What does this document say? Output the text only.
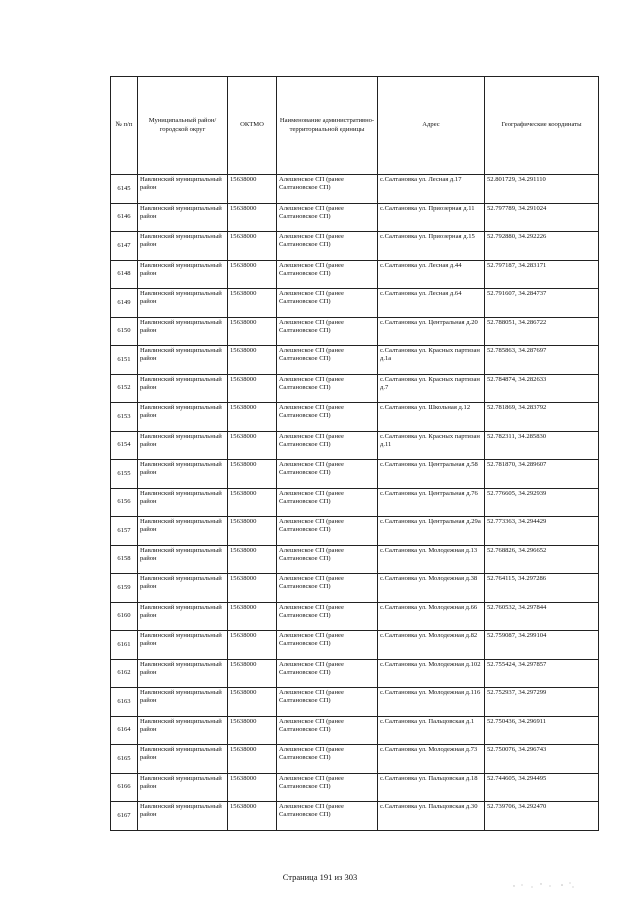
№ п/п	Муниципальный район/городской округ	ОКТМО	Наименование административно-территориальной единицы	Адрес	Географические координаты
6145	Навлинский муниципальный район	15638000	Алешенское СП (ранее Салтановское СП)	с.Салтановка ул. Лесная д.17	52.801729, 34.291110
6146	Навлинский муниципальный район	15638000	Алешенское СП (ранее Салтановское СП)	с.Салтановка ул. Приозерная д.11	52.797789, 34.291024
6147	Навлинский муниципальный район	15638000	Алешенское СП (ранее Салтановское СП)	с.Салтановка ул. Приозерная д.15	52.792880, 34.292226
6148	Навлинский муниципальный район	15638000	Алешенское СП (ранее Салтановское СП)	с.Салтановка ул. Лесная д.44	52.797187, 34.283171
6149	Навлинский муниципальный район	15638000	Алешенское СП (ранее Салтановское СП)	с.Салтановка ул. Лесная д.64	52.791607, 34.284737
6150	Навлинский муниципальный район	15638000	Алешенское СП (ранее Салтановское СП)	с.Салтановка ул. Центральная д.20	52.788051, 34.286722
6151	Навлинский муниципальный район	15638000	Алешенское СП (ранее Салтановское СП)	с.Салтановка ул. Красных партизан д.1а	52.785863, 34.287697
6152	Навлинский муниципальный район	15638000	Алешенское СП (ранее Салтановское СП)	с.Салтановка ул. Красных партизан д.7	52.784874, 34.282633
6153	Навлинский муниципальный район	15638000	Алешенское СП (ранее Салтановское СП)	с.Салтановка ул. Школьная д.12	52.781869, 34.283792
6154	Навлинский муниципальный район	15638000	Алешенское СП (ранее Салтановское СП)	с.Салтановка ул. Красных партизан д.11	52.782311, 34.285830
6155	Навлинский муниципальный район	15638000	Алешенское СП (ранее Салтановское СП)	с.Салтановка ул. Центральная д.58	52.781870, 34.289607
6156	Навлинский муниципальный район	15638000	Алешенское СП (ранее Салтановское СП)	с.Салтановка ул. Центральная д.76	52.776605, 34.292939
6157	Навлинский муниципальный район	15638000	Алешенское СП (ранее Салтановское СП)	с.Салтановка ул. Центральная д.29а	52.773363, 34.294429
6158	Навлинский муниципальный район	15638000	Алешенское СП (ранее Салтановское СП)	с.Салтановка ул. Молодежная д.13	52.768826, 34.296652
6159	Навлинский муниципальный район	15638000	Алешенское СП (ранее Салтановское СП)	с.Салтановка ул. Молодежная д.38	52.764115, 34.297286
6160	Навлинский муниципальный район	15638000	Алешенское СП (ранее Салтановское СП)	с.Салтановка ул. Молодежная д.66	52.760532, 34.297844
6161	Навлинский муниципальный район	15638000	Алешенское СП (ранее Салтановское СП)	с.Салтановка ул. Молодежная д.82	52.759087, 34.299104
6162	Навлинский муниципальный район	15638000	Алешенское СП (ранее Салтановское СП)	с.Салтановка ул. Молодежная д.102	52.755424, 34.297857
6163	Навлинский муниципальный район	15638000	Алешенское СП (ранее Салтановское СП)	с.Салтановка ул. Молодежная д.116	52.752937, 34.297299
6164	Навлинский муниципальный район	15638000	Алешенское СП (ранее Салтановское СП)	с.Салтановка ул. Пальцовская д.1	52.750436, 34.296911
6165	Навлинский муниципальный район	15638000	Алешенское СП (ранее Салтановское СП)	с.Салтановка ул. Молодежная д.73	52.750076, 34.296743
6166	Навлинский муниципальный район	15638000	Алешенское СП (ранее Салтановское СП)	с.Салтановка ул. Пальцовская д.18	52.744605, 34.294495
6167	Навлинский муниципальный район	15638000	Алешенское СП (ранее Салтановское СП)	с.Салтановка ул. Пальцовская д.30	52.739706, 34.292470
Страница 191 из 303
